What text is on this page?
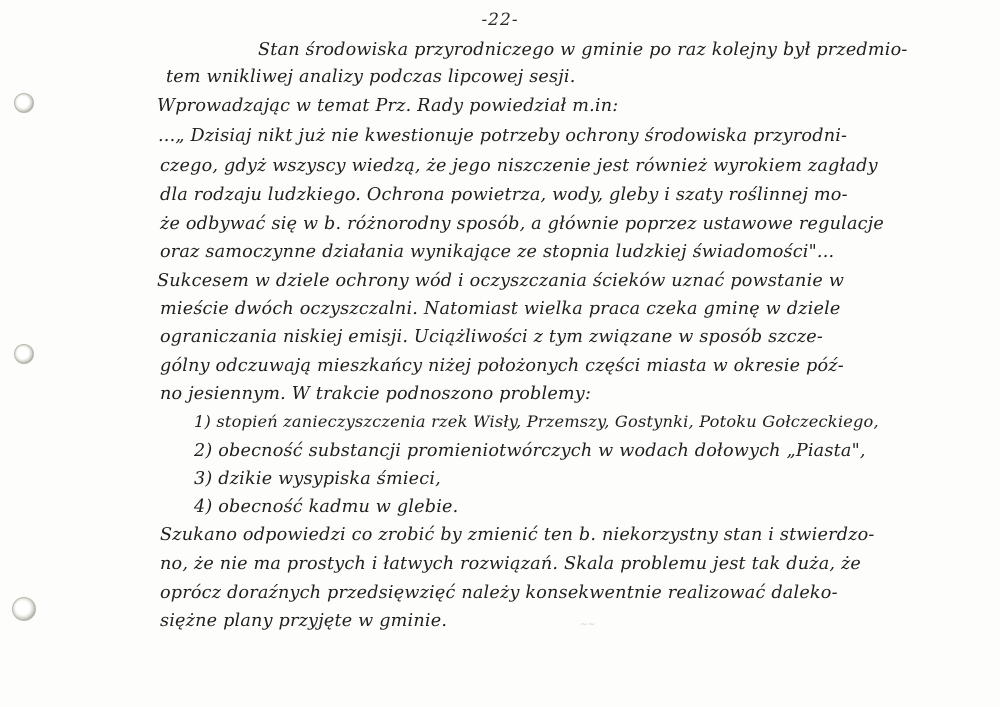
-22-
Stan środowiska przyrodniczego w gminie po raz kolejny był przedmio-
tem wnikliwej analizy podczas lipcowej sesji.
Wprowadzając w temat Prz. Rady powiedział m.in:
...„ Dzisiaj nikt już nie kwestionuje potrzeby ochrony środowiska przyrodni-
czego, gdyż wszyscy wiedzą, że jego niszczenie jest również wyrokiem zagłady
dla rodzaju ludzkiego. Ochrona powietrza, wody, gleby i szaty roślinnej mo-
że odbywać się w b. różnorodny sposób, a głównie poprzez ustawowe regulacje
oraz samoczynne działania wynikające ze stopnia ludzkiej świadomości"...
Sukcesem w dziele ochrony wód i oczyszczania ścieków uznać powstanie w
mieście dwóch oczyszczalni. Natomiast wielka praca czeka gminę w dziele
ograniczania niskiej emisji. Uciążliwości z tym związane w sposób szcze-
gólny odczuwają mieszkańcy niżej położonych części miasta w okresie póź-
no jesiennym. W trakcie podnoszono problemy:
1) stopień zanieczyszczenia rzek Wisły, Przemszy, Gostynki, Potoku Gołczeckiego,
2) obecność substancji promieniotwórczych w wodach dołowych „Piasta",
3) dzikie wysypiska śmieci,
4) obecność kadmu w glebie.
Szukano odpowiedzi co zrobić by zmienić ten b. niekorzystny stan i stwierdzo-
no, że nie ma prostych i łatwych rozwiązań. Skala problemu jest tak duża, że
oprócz doraźnych przedsięwzięć należy konsekwentnie realizować daleko-
siężne plany przyjęte w gminie.	~~
